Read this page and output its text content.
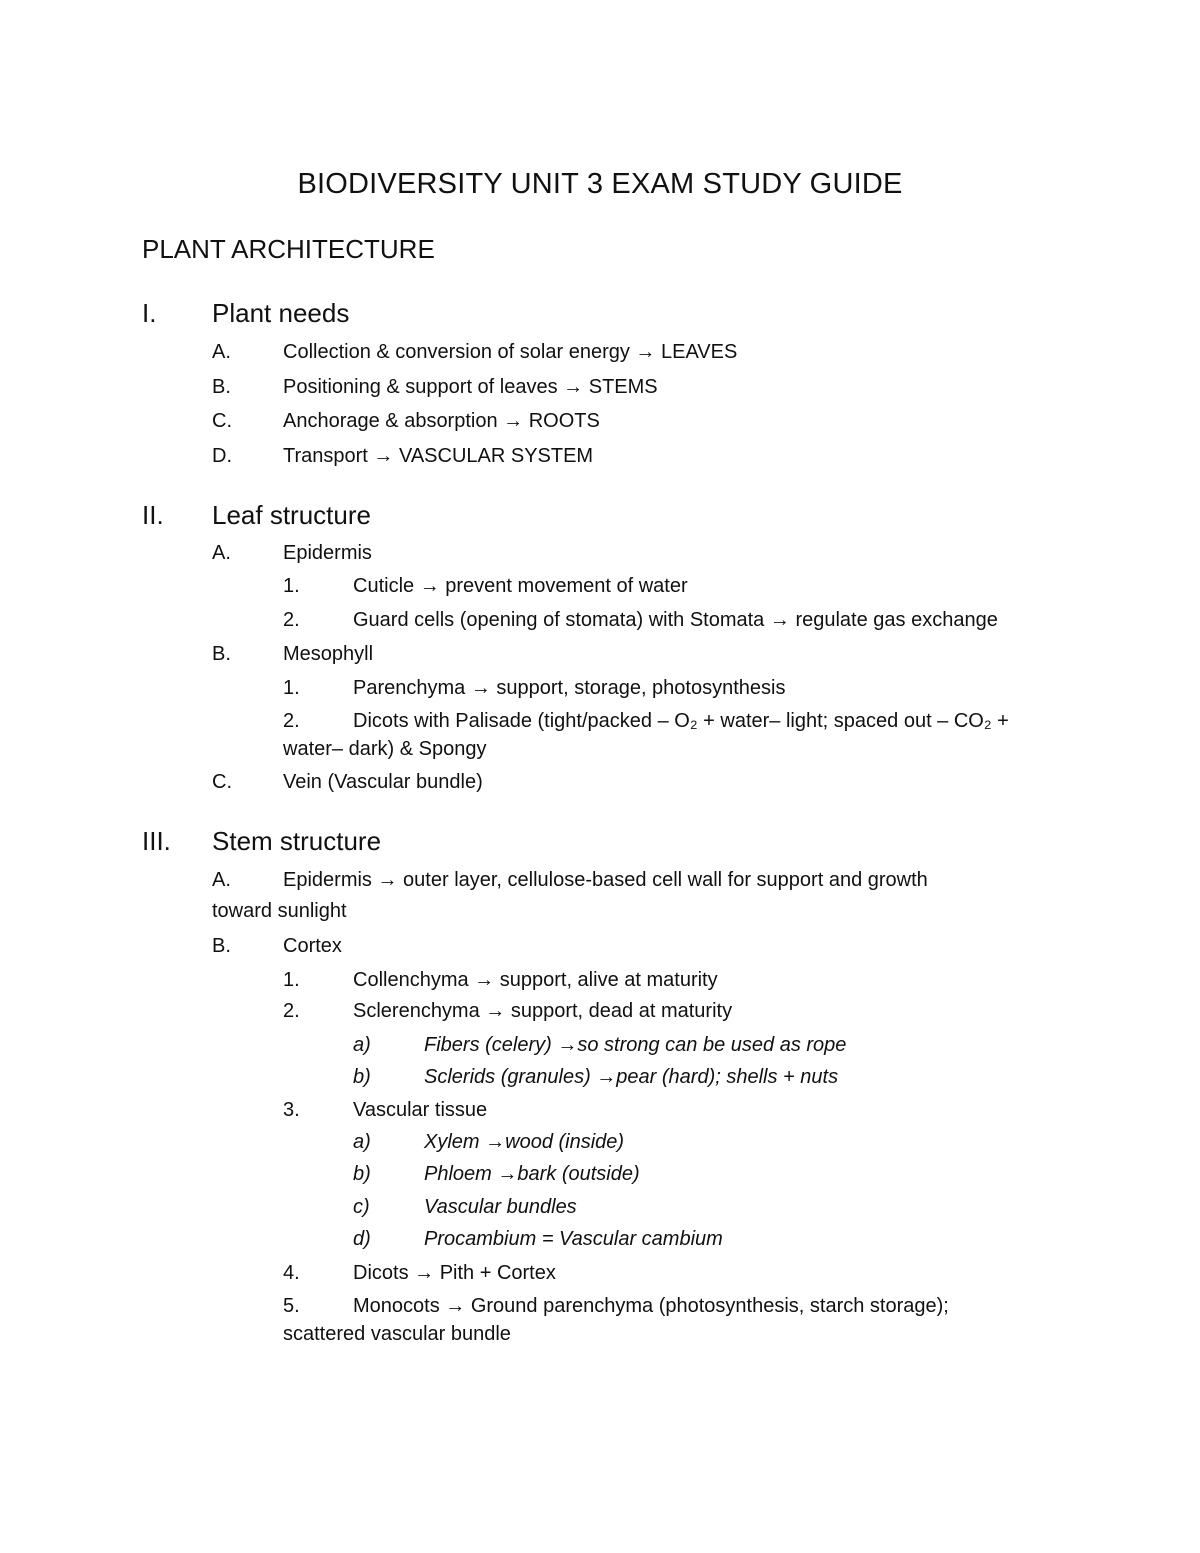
BIODIVERSITY UNIT 3 EXAM STUDY GUIDE
PLANT ARCHITECTURE
I. Plant needs
A.	Collection & conversion of solar energy → LEAVES
B.	Positioning & support of leaves → STEMS
C.	Anchorage & absorption → ROOTS
D.	Transport → VASCULAR SYSTEM
II. Leaf structure
A.	Epidermis
1.	Cuticle → prevent movement of water
2.	Guard cells (opening of stomata) with Stomata → regulate gas exchange
B.	Mesophyll
1.	Parenchyma → support, storage, photosynthesis
2.	Dicots with Palisade (tight/packed – O₂ + water– light; spaced out – CO₂ +
water– dark) & Spongy
C.	Vein (Vascular bundle)
III. Stem structure
A.	Epidermis → outer layer, cellulose-based cell wall for support and growth
toward sunlight
B.	Cortex
1.	Collenchyma → support, alive at maturity
2.	Sclerenchyma → support, dead at maturity
a)	Fibers (celery) →so strong can be used as rope
b)	Sclerids (granules) →pear (hard); shells + nuts
3.	Vascular tissue
a)	Xylem →wood (inside)
b)	Phloem →bark (outside)
c)	Vascular bundles
d)	Procambium = Vascular cambium
4.	Dicots → Pith + Cortex
5.	Monocots → Ground parenchyma (photosynthesis, starch storage);
scattered vascular bundle
